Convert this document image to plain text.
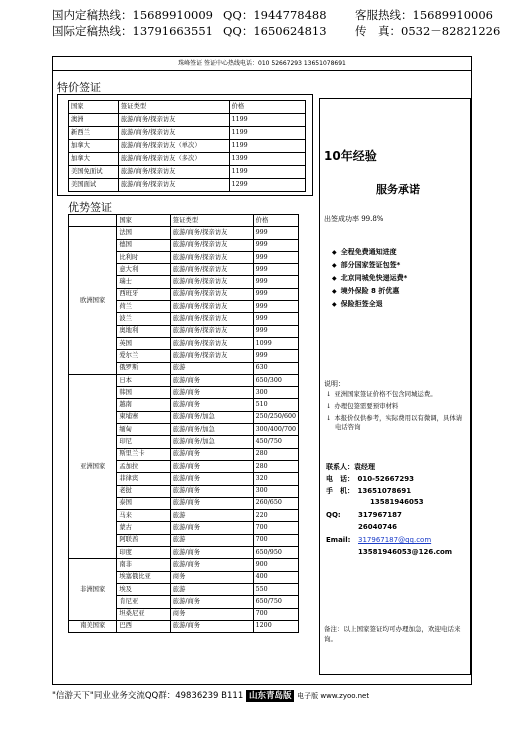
国内定稿热线：15689910009 QQ：1944778488 客服热线：15689910006
国际定稿热线：13791663551 QQ：1650624813 传　真：0532－82821226
珠峰签证 签证中心热线电话：010 52667293 13651078691
特价签证
国家	签证类型	价格
澳洲	旅游/商务/探亲访友	1199
新西兰	旅游/商务/探亲访友	1199
加拿大	旅游/商务/探亲访友（单次）	1199
加拿大	旅游/商务/探亲访友（多次）	1399
美国免面试	旅游/商务/探亲访友	1199
美国面试	旅游/商务/探亲访友	1299
优势签证
	国家	签证类型	价格
欧洲国家	法国	旅游/商务/探亲访友	999
	德国	旅游/商务/探亲访友	999
	比利时	旅游/商务/探亲访友	999
	意大利	旅游/商务/探亲访友	999
	瑞士	旅游/商务/探亲访友	999
	西班牙	旅游/商务/探亲访友	999
	荷兰	旅游/商务/探亲访友	999
	波兰	旅游/商务/探亲访友	999
	奥地利	旅游/商务/探亲访友	999
	英国	旅游/商务/探亲访友	1099
	爱尔兰	旅游/商务/探亲访友	999
	俄罗斯	旅游	630
亚洲国家	日本	旅游/商务	650/300
	韩国	旅游/商务	300
	越南	旅游/商务	510
	柬埔寨	旅游/商务/加急	250/250/600
	缅甸	旅游/商务/加急	300/400/700
	印尼	旅游/商务/加急	450/750
	斯里兰卡	旅游/商务	280
	孟加拉	旅游/商务	280
	菲律宾	旅游/商务	320
	老挝	旅游/商务	300
	泰国	旅游/商务	260/650
	马来	旅游	220
	蒙古	旅游/商务	700
	阿联酋	旅游	700
	印度	旅游/商务	650/950
非洲国家	南非	旅游/商务	900
	埃塞俄比亚	商务	400
	埃及	旅游	550
	肯尼亚	旅游/商务	650/750
	坦桑尼亚	商务	700
南美国家	巴西	旅游/商务	1200
10年经验
服务承诺
出签成功率 99.8%
◆ 全程免费通知进度
◆ 部分国家签证包签*
◆ 北京同城免快递运费*
◆ 境外保险 8 折优惠
◆ 保险拒签全退
说明：
↓ 亚洲国家签证价格不包含同城运费。
↓ 办理包签需要预审材料
↓ 本报价仅供参考，实际费用以有微调，具体请电话咨询
联系人：袁经理
电　话：　010-52667293
手　机：　13651078691
13581946053
QQ: 317967187
26040746
Email: 317967187@qq.com
13581946053@126.com
备注：以上国家签证均可办理加急，欢迎电话来询。
"信游天下"同业业务交流QQ群：49836239 B111 山东青岛版 电子版 www.zyoo.net
